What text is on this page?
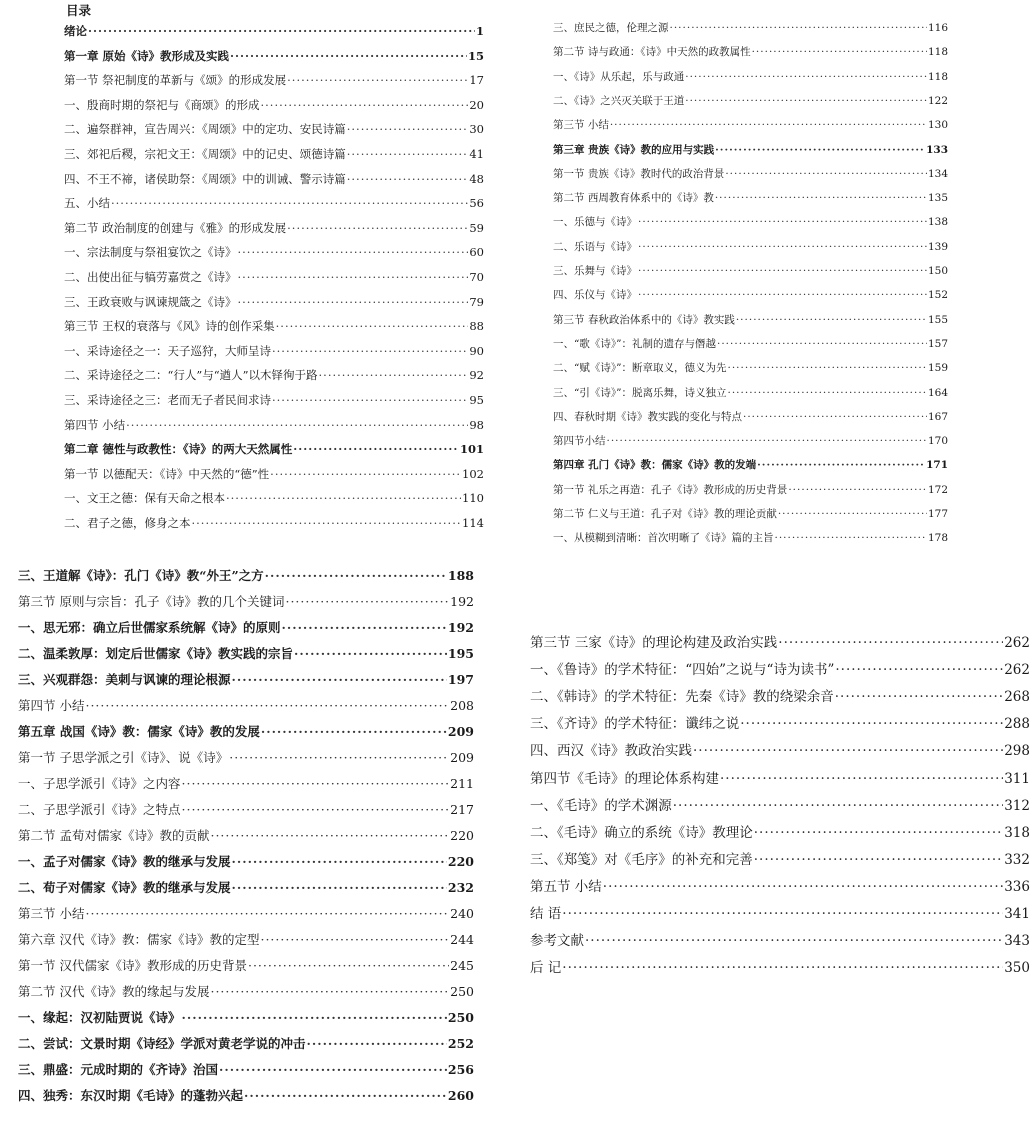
目录
绪论 ·····	1
第一章 原始《诗》教形成及实践 ·····	15
第一节 祭祀制度的革新与《颂》的形成发展 ·····	17
一、殷商时期的祭祀与《商颂》的形成 ·····	20
二、遍祭群神，宣告周兴：《周颂》中的定功、安民诗篇 ·····	30
三、郊祀后稷，宗祀文王：《周颂》中的记史、颂德诗篇 ·····	41
四、不王不禘，诸侯助祭：《周颂》中的训诫、警示诗篇 ·····	48
五、小结 ·····	56
第二节 政治制度的创建与《雅》的形成发展 ·····	59
一、宗法制度与祭祖宴饮之《诗》 ·····	60
二、出使出征与犒劳嘉赏之《诗》 ·····	70
三、王政衰败与讽谏规箴之《诗》 ·····	79
第三节 王权的衰落与《风》诗的创作采集 ·····	88
一、采诗途径之一：天子巡狩，大师呈诗 ·····	90
二、采诗途径之二：“行人”与“遒人”以木铎徇于路 ·····	92
三、采诗途径之三：老而无子者民间求诗 ·····	95
第四节 小结 ·····	98
第二章 德性与政教性：《诗》的两大天然属性 ·····	101
第一节 以德配天：《诗》中天然的“德”性 ·····	102
一、文王之德：保有天命之根本 ·····	110
二、君子之德，修身之本 ·····	114
三、庶民之德，伦理之源 ·····	116
第二节 诗与政通：《诗》中天然的政教属性 ·····	118
一、《诗》从乐起，乐与政通 ·····	118
二、《诗》之兴灭关联于王道 ·····	122
第三节 小结 ·····	130
第三章 贵族《诗》教的应用与实践 ·····	133
第一节 贵族《诗》教时代的政治背景 ·····	134
第二节 西周教育体系中的《诗》教 ·····	135
一、乐德与《诗》 ·····	138
二、乐语与《诗》 ·····	139
三、乐舞与《诗》 ·····	150
四、乐仪与《诗》 ·····	152
第三节 春秋政治体系中的《诗》教实践 ·····	155
一、“歌《诗》”：礼制的遗存与僭越 ·····	157
二、“赋《诗》”：断章取义，德义为先 ·····	159
三、“引《诗》”：脱离乐舞，诗义独立 ·····	164
四、春秋时期《诗》教实践的变化与特点 ·····	167
第四节小结 ·····	170
第四章 孔门《诗》教：儒家《诗》教的发端 ·····	171
第一节 礼乐之再造：孔子《诗》教形成的历史背景 ·····	172
第二节 仁义与王道：孔子对《诗》教的理论贡献 ·····	177
一、从模糊到清晰：首次明晰了《诗》篇的主旨 ·····	178
三、王道解《诗》：孔门《诗》教“外王”之方 ·····	188
第三节 原则与宗旨：孔子《诗》教的几个关键词 ·····	192
一、思无邪：确立后世儒家系统解《诗》的原则 ·····	192
二、温柔敦厚：划定后世儒家《诗》教实践的宗旨 ·····	195
三、兴观群怨：美刺与讽谏的理论根源 ·····	197
第四节 小结 ·····	208
第五章 战国《诗》教：儒家《诗》教的发展 ·····	209
第一节 子思学派之引《诗》、说《诗》 ·····	209
一、子思学派引《诗》之内容 ·····	211
二、子思学派引《诗》之特点 ·····	217
第二节 孟荀对儒家《诗》教的贡献 ·····	220
一、孟子对儒家《诗》教的继承与发展 ·····	220
二、荀子对儒家《诗》教的继承与发展 ·····	232
第三节 小结 ·····	240
第六章 汉代《诗》教：儒家《诗》教的定型 ·····	244
第一节 汉代儒家《诗》教形成的历史背景 ·····	245
第二节 汉代《诗》教的缘起与发展 ·····	250
一、缘起：汉初陆贾说《诗》 ·····	250
二、尝试：文景时期《诗经》学派对黄老学说的冲击 ·····	252
三、鼎盛：元成时期的《齐诗》治国 ·····	256
四、独秀：东汉时期《毛诗》的蓬勃兴起 ·····	260
第三节 三家《诗》的理论构建及政治实践 ·····	262
一、《鲁诗》的学术特征：“四始”之说与“诗为读书” ·····	262
二、《韩诗》的学术特征：先秦《诗》教的绕梁余音 ·····	268
三、《齐诗》的学术特征：谶纬之说 ·····	288
四、西汉《诗》教政治实践 ·····	298
第四节《毛诗》的理论体系构建 ·····	311
一、《毛诗》的学术渊源 ·····	312
二、《毛诗》确立的系统《诗》教理论 ·····	318
三、《郑笺》对《毛序》的补充和完善 ·····	332
第五节 小结 ·····	336
结 语 ·····	341
参考文献 ·····	343
后 记 ·····	350
